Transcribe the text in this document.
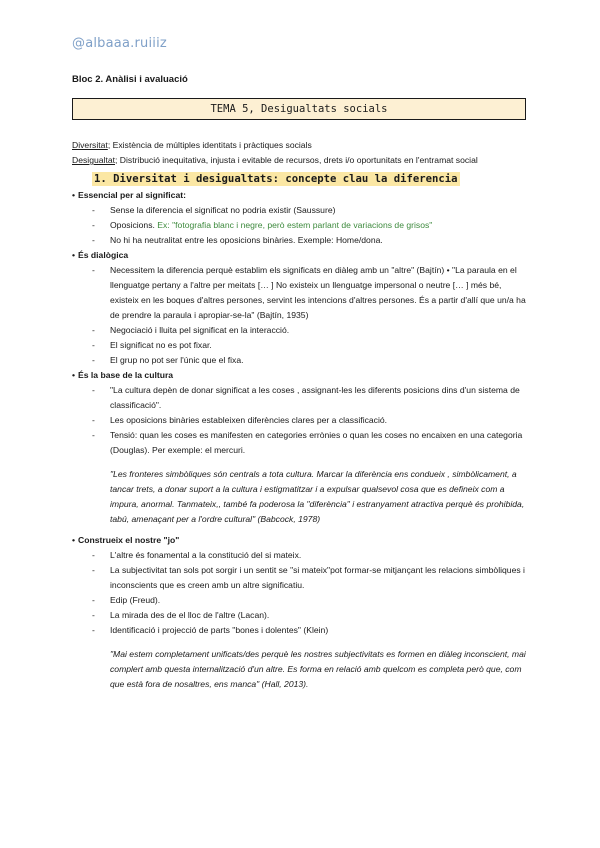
@albaaa.ruiiiz
Bloc 2. Anàlisi i avaluació
TEMA 5, Desigualtats socials
Diversitat; Existència de múltiples identitats i pràctiques socials
Desigualtat; Distribució inequitativa, injusta i evitable de recursos, drets i/o oportunitats en l'entramat social
1. Diversitat i desigualtats: concepte clau la diferencia
• Essencial per al significat:
- Sense la diferencia el significat no podria existir (Saussure)
- Oposicions. Ex: "fotografia blanc i negre, però estem parlant de variacions de grisos"
- No hi ha neutralitat entre les oposicions binàries. Exemple: Home/dona.
• És dialògica
- Necessitem la diferencia perquè establim els significats en diàleg amb un "altre" (Bajtín) • "La paraula en el llenguatge pertany a l'altre per meitats [… ] No existeix un llenguatge impersonal o neutre [… ] més bé, existeix en les boques d'altres persones, servint les intencions d'altres persones. És a partir d'allí que un/a ha de prendre la paraula i apropiar-se-la" (Bajtín, 1935)
- Negociació i lluita pel significat en la interacció.
- El significat no es pot fixar.
- El grup no pot ser l'únic que el fixa.
• És la base de la cultura
- "La cultura depèn de donar significat a les coses , assignant-les les diferents posicions dins d'un sistema de classificació".
- Les oposicions binàries estableixen diferències clares per a classificació.
- Tensió: quan les coses es manifesten en categories errònies o quan les coses no encaixen en una categoria (Douglas). Per exemple: el mercuri.
"Les fronteres simbòliques són centrals a tota cultura. Marcar la diferència ens condueix , simbòlicament, a tancar trets, a donar suport a la cultura i estigmatitzar i a expulsar qualsevol cosa que es defineix com a impura, anormal. Tanmateix,, també fa poderosa la "diferència" i estranyament atractiva perquè és prohibida, tabú, amenaçant per a l'ordre cultural" (Babcock, 1978)
• Construeix el nostre "jo"
- L'altre és fonamental a la constitució del si mateix.
- La subjectivitat tan sols pot sorgir i un sentit se "si mateix"pot formar-se mitjançant les relacions simbòliques i inconscients que es creen amb un altre significatiu.
- Edip (Freud).
- La mirada des de el lloc de l'altre (Lacan).
- Identificació i projecció de parts "bones i dolentes" (Klein)
"Mai estem completament unificats/des perquè les nostres subjectivitats es formen en diàleg inconscient, mai complert amb questa internalització d'un altre. Es forma en relació amb quelcom es completa però que, com que està fora de nosaltres, ens manca" (Hall, 2013).
